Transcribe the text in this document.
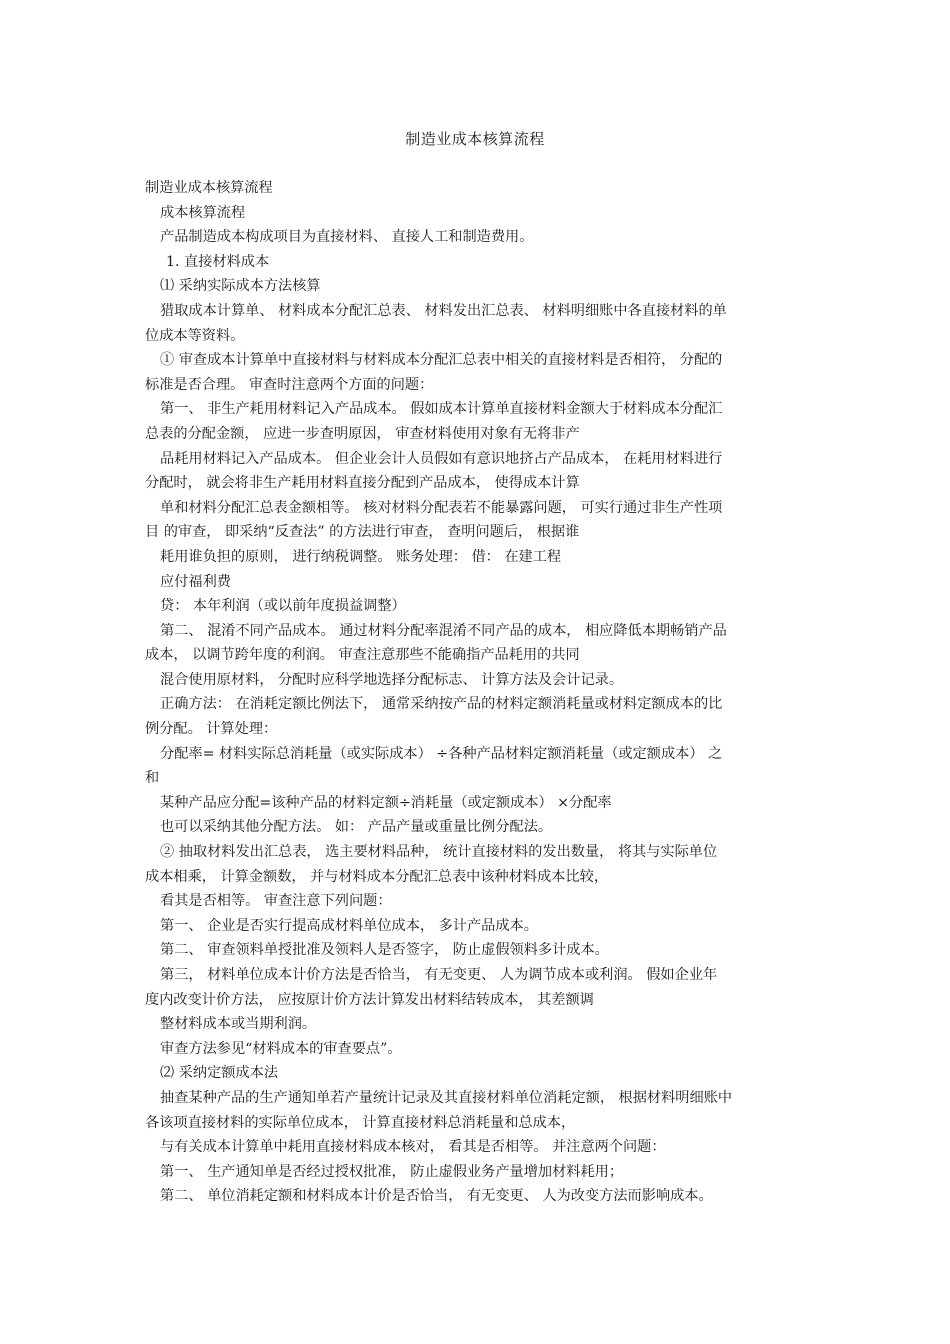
制造业成本核算流程
制造业成本核算流程
成本核算流程
产品制造成本构成项目为直接材料、 直接人工和制造费用。
1. 直接材料成本
⑴ 采纳实际成本方法核算
猎取成本计算单、 材料成本分配汇总表、 材料发出汇总表、 材料明细账中各直接材料的单
位成本等资料。
① 审查成本计算单中直接材料与材料成本分配汇总表中相关的直接材料是否相符， 分配的
标准是否合理。 审查时注意两个方面的问题：
第一、 非生产耗用材料记入产品成本。 假如成本计算单直接材料金额大于材料成本分配汇
总表的分配金额， 应进一步查明原因， 审查材料使用对象有无将非产
品耗用材料记入产品成本。 但企业会计人员假如有意识地挤占产品成本， 在耗用材料进行
分配时， 就会将非生产耗用材料直接分配到产品成本， 使得成本计算
单和材料分配汇总表金额相等。 核对材料分配表若不能暴露问题， 可实行通过非生产性项
目 的审查， 即采纳“反查法” 的方法进行审查， 查明问题后， 根据谁
耗用谁负担的原则， 进行纳税调整。 账务处理： 借： 在建工程
应付福利费
贷： 本年利润（或以前年度损益调整）
第二、 混淆不同产品成本。 通过材料分配率混淆不同产品的成本， 相应降低本期畅销产品
成本， 以调节跨年度的利润。 审查注意那些不能确指产品耗用的共同
混合使用原材料， 分配时应科学地选择分配标志、 计算方法及会计记录。
正确方法： 在消耗定额比例法下， 通常采纳按产品的材料定额消耗量或材料定额成本的比
例分配。 计算处理：
分配率= 材料实际总消耗量（或实际成本） ÷各种产品材料定额消耗量（或定额成本） 之
和
某种产品应分配=该种产品的材料定额÷消耗量（或定额成本） ×分配率
也可以采纳其他分配方法。 如： 产品产量或重量比例分配法。
② 抽取材料发出汇总表， 选主要材料品种， 统计直接材料的发出数量， 将其与实际单位
成本相乘， 计算金额数， 并与材料成本分配汇总表中该种材料成本比较，
看其是否相等。 审查注意下列问题：
第一、 企业是否实行提高成材料单位成本， 多计产品成本。
第二、 审查领料单授批准及领料人是否签字， 防止虚假领料多计成本。
第三， 材料单位成本计价方法是否恰当， 有无变更、 人为调节成本或利润。 假如企业年
度内改变计价方法， 应按原计价方法计算发出材料结转成本， 其差额调
整材料成本或当期利润。
审查方法参见“材料成本的审查要点”。
⑵ 采纳定额成本法
抽查某种产品的生产通知单若产量统计记录及其直接材料单位消耗定额， 根据材料明细账中
各该项直接材料的实际单位成本， 计算直接材料总消耗量和总成本，
与有关成本计算单中耗用直接材料成本核对， 看其是否相等。 并注意两个问题：
第一、 生产通知单是否经过授权批准， 防止虚假业务产量增加材料耗用；
第二、 单位消耗定额和材料成本计价是否恰当， 有无变更、 人为改变方法而影响成本。
